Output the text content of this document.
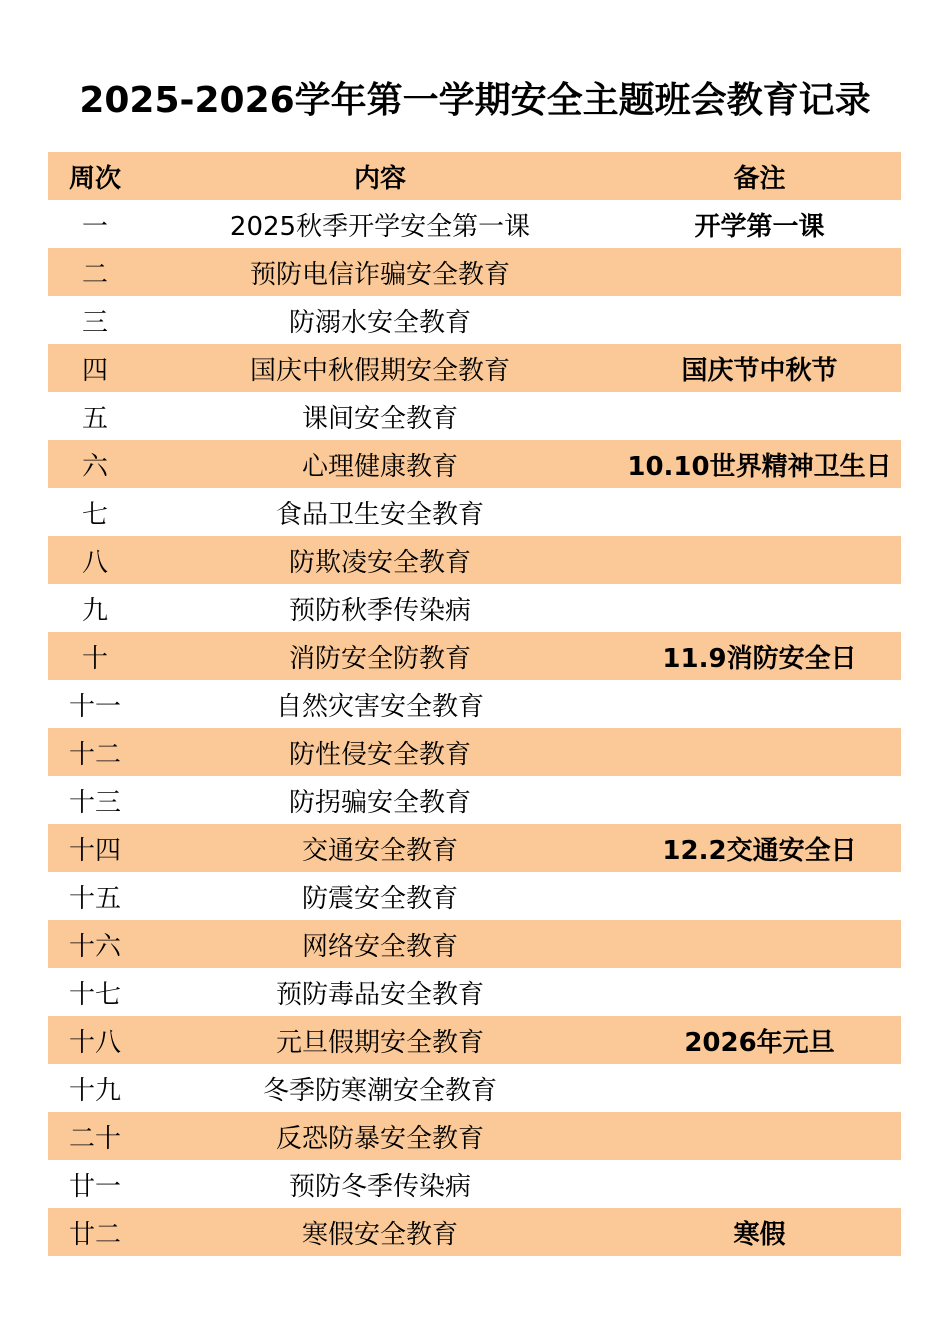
2025-2026学年第一学期安全主题班会教育记录
周次	内容	备注
一	2025秋季开学安全第一课	开学第一课
二	预防电信诈骗安全教育	
三	防溺水安全教育	
四	国庆中秋假期安全教育	国庆节中秋节
五	课间安全教育	
六	心理健康教育	10.10世界精神卫生日
七	食品卫生安全教育	
八	防欺凌安全教育	
九	预防秋季传染病	
十	消防安全防教育	11.9消防安全日
十一	自然灾害安全教育	
十二	防性侵安全教育	
十三	防拐骗安全教育	
十四	交通安全教育	12.2交通安全日
十五	防震安全教育	
十六	网络安全教育	
十七	预防毒品安全教育	
十八	元旦假期安全教育	2026年元旦
十九	冬季防寒潮安全教育	
二十	反恐防暴安全教育	
廿一	预防冬季传染病	
廿二	寒假安全教育	寒假
